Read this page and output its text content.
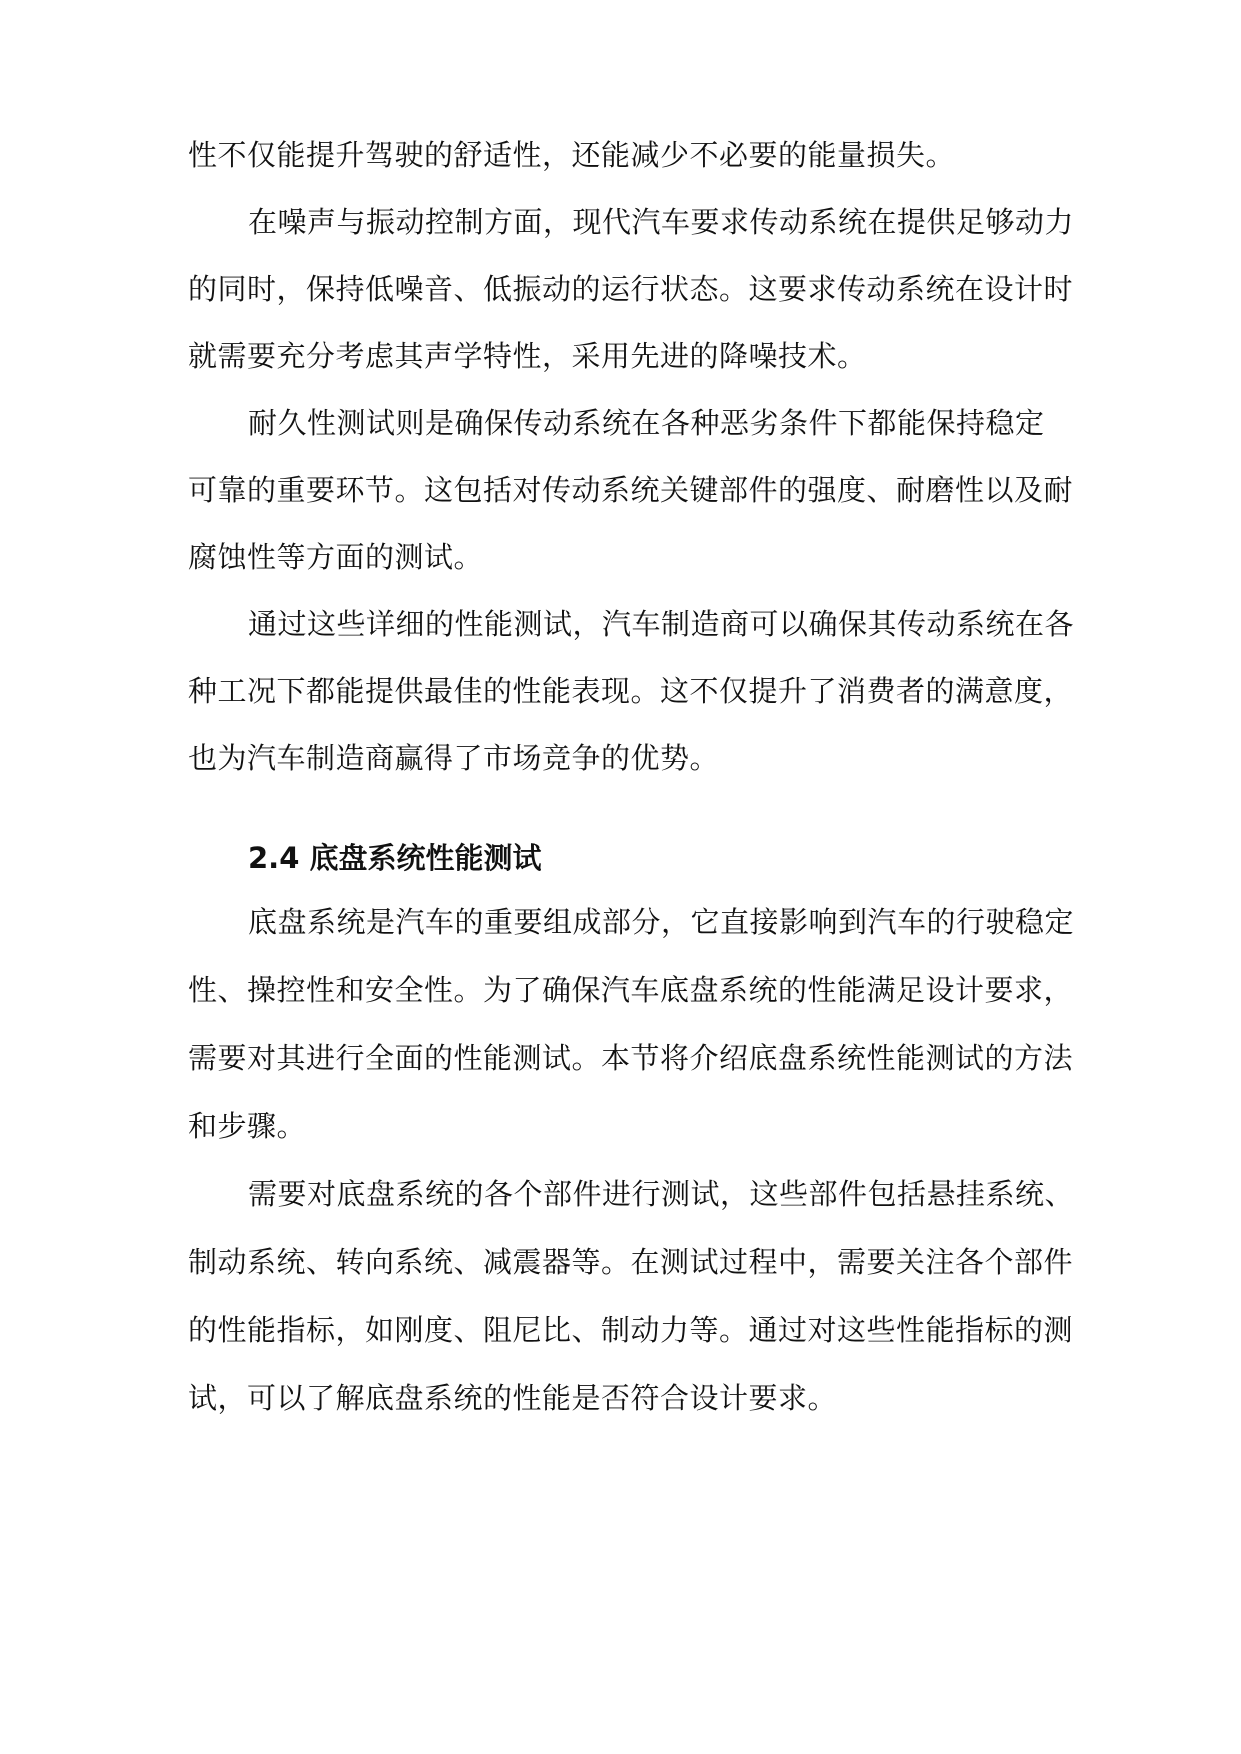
性不仅能提升驾驶的舒适性，还能减少不必要的能量损失。
在噪声与振动控制方面，现代汽车要求传动系统在提供足够动力
的同时，保持低噪音、低振动的运行状态。这要求传动系统在设计时
就需要充分考虑其声学特性，采用先进的降噪技术。
耐久性测试则是确保传动系统在各种恶劣条件下都能保持稳定
可靠的重要环节。这包括对传动系统关键部件的强度、耐磨性以及耐
腐蚀性等方面的测试。
通过这些详细的性能测试，汽车制造商可以确保其传动系统在各
种工况下都能提供最佳的性能表现。这不仅提升了消费者的满意度，
也为汽车制造商赢得了市场竞争的优势。
2.4 底盘系统性能测试
底盘系统是汽车的重要组成部分，它直接影响到汽车的行驶稳定
性、操控性和安全性。为了确保汽车底盘系统的性能满足设计要求，
需要对其进行全面的性能测试。本节将介绍底盘系统性能测试的方法
和步骤。
需要对底盘系统的各个部件进行测试，这些部件包括悬挂系统、
制动系统、转向系统、减震器等。在测试过程中，需要关注各个部件
的性能指标，如刚度、阻尼比、制动力等。通过对这些性能指标的测
试，可以了解底盘系统的性能是否符合设计要求。
